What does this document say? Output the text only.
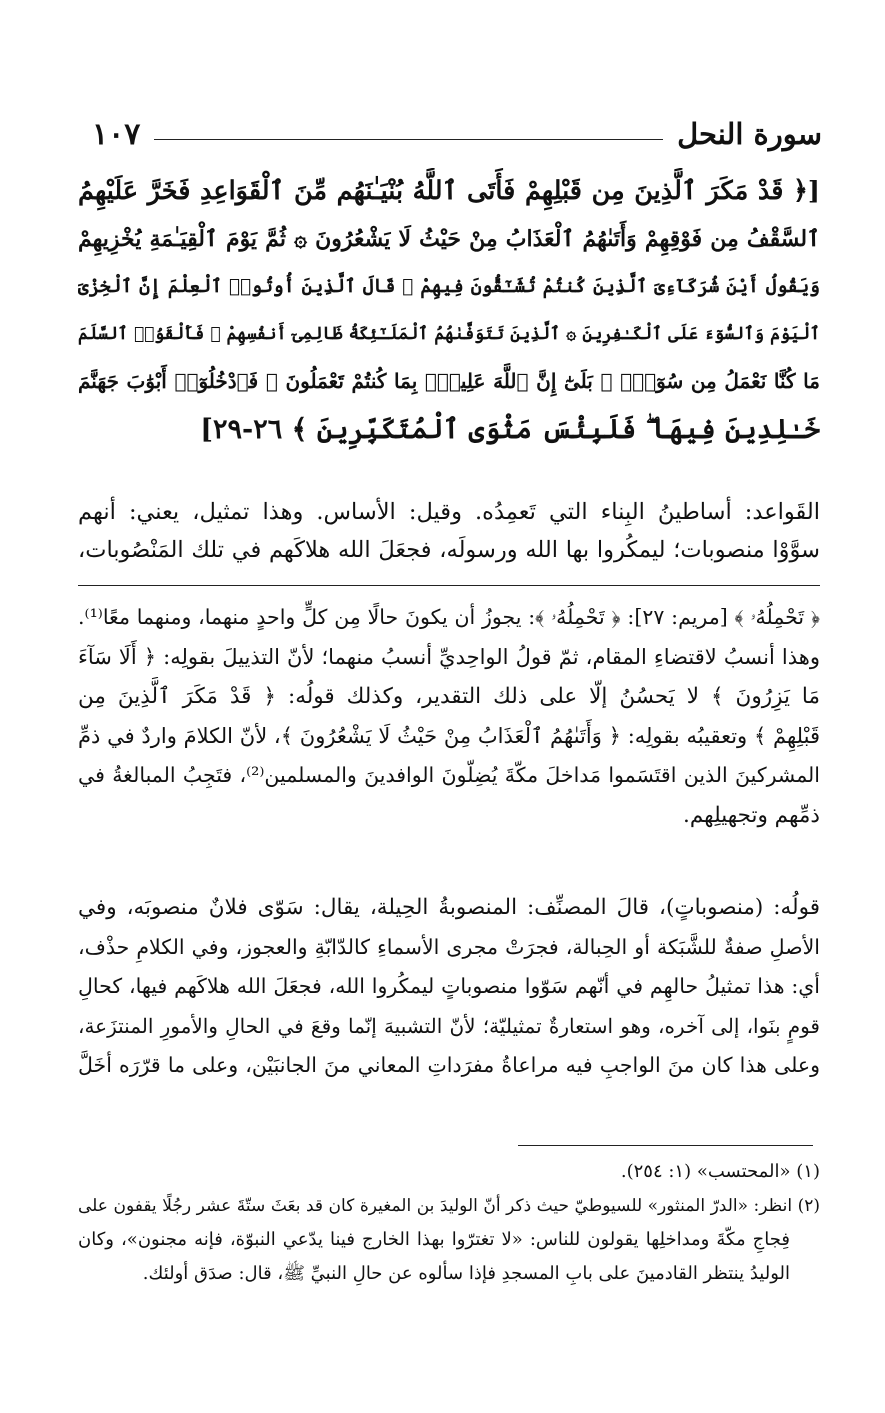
سورة النحل
١٠٧
[﴿ قَدْ مَكَرَ ٱلَّذِينَ مِن قَبْلِهِمْ فَأَتَى ٱللَّهُ بُنْيَـٰنَهُم مِّنَ ٱلْقَوَاعِدِ فَخَرَّ عَلَيْهِمُ
ٱلسَّقْفُ مِن فَوْقِهِمْ وَأَتَىٰهُمُ ٱلْعَذَابُ مِنْ حَيْثُ لَا يَشْعُرُونَ ۞ ثُمَّ يَوْمَ ٱلْقِيَـٰمَةِ يُخْزِيهِمْ
وَيَقُولُ أَيْنَ شُرَكَآءِىَ ٱلَّذِينَ كُنتُمْ تُشَـٰٓقُّونَ فِيهِمْ ۚ قَالَ ٱلَّذِينَ أُوتُوا۟ ٱلْعِلْمَ إِنَّ ٱلْخِزْىَ
ٱلْيَوْمَ وَٱلسُّوٓءَ عَلَى ٱلْكَـٰفِرِينَ ۞ ٱلَّذِينَ تَتَوَفَّىٰهُمُ ٱلْمَلَـٰٓئِكَةُ ظَالِمِىٓ أَنفُسِهِمْ ۖ فَأَلْقَوُا۟ ٱلسَّلَمَ
مَا كُنَّا نَعْمَلُ مِن سُوٓءٍۭ ۚ بَلَىٰٓ إِنَّ ٱللَّهَ عَلِيمٌۢ بِمَا كُنتُمْ تَعْمَلُونَ ۞ فَٱدْخُلُوٓا۟ أَبْوَٰبَ جَهَنَّمَ
خَـٰلِدِينَ فِيهَا ۖ فَلَبِئْسَ مَثْوَى ٱلْمُتَكَبِّرِينَ ﴾ ٢٦-٢٩]
القَواعد: أساطينُ البِناء التي تَعمِدُه. وقيل: الأساس. وهذا تمثيل، يعني: أنهم
سوَّوْا منصوبات؛ ليمكُروا بها الله ورسولَه، فجعَلَ الله هلاكَهم في تلك المَنْصُوبات،
﴿ تَحْمِلُهُۥ ﴾ [مريم: ٢٧]: ﴿ تَحْمِلُهُۥ ﴾: يجوزُ أن يكونَ حالًا مِن كلٍّ واحدٍ منهما، ومنهما معًا⁽¹⁾.
وهذا أنسبُ لاقتضاءِ المقام، ثمّ قولُ الواحِديِّ أنسبُ منهما؛ لأنّ التذييلَ بقولِه: ﴿ أَلَا سَآءَ
مَا يَزِرُونَ ﴾ لا يَحسُنُ إلّا على ذلك التقدير، وكذلك قولُه: ﴿ قَدْ مَكَرَ ٱلَّذِينَ مِن
قَبْلِهِمْ ﴾ وتعقيبُه بقولِه: ﴿ وَأَتَىٰهُمُ ٱلْعَذَابُ مِنْ حَيْثُ لَا يَشْعُرُونَ ﴾، لأنّ الكلامَ واردٌ في ذمِّ
المشركينَ الذين اقتَسَموا مَداخلَ مكّةَ يُضِلّونَ الوافدينَ والمسلمين⁽²⁾، فتَجِبُ المبالغةُ في
ذمِّهم وتجهيلِهم.
قولُه: (منصوباتٍ)، قالَ المصنِّف: المنصوبةُ الحِيلة، يقال: سَوّى فلانٌ منصوبَه، وفي
الأصلِ صفةٌ للشَّبَكة أو الحِبالة، فجرَتْ مجرى الأسماءِ كالدّابّةِ والعجوز، وفي الكلامِ حذْف،
أي: هذا تمثيلُ حالهِم في أنّهم سَوّوا منصوباتٍ ليمكُروا الله، فجعَلَ الله هلاكَهم فيها، كحالِ
قومٍ بنَوا، إلى آخره، وهو استعارةٌ تمثيليّة؛ لأنّ التشبيهَ إنّما وقعَ في الحالِ والأمورِ المنتزَعة،
وعلى هذا كان منَ الواجبِ فيه مراعاةُ مفرَداتِ المعاني منَ الجانبَيْن، وعلى ما قرّرَه أخَلَّ
(١) «المحتسب» (١: ٢٥٤).
(٢) انظر: «الدرّ المنثور» للسيوطيّ حيث ذكر أنّ الوليدَ بن المغيرة كان قد بعَثَ ستّةَ عشر رجُلًا يقفون على
فِجاجِ مكّةَ ومداخلِها يقولون للناس: «لا تغترّوا بهذا الخارج فينا يدّعي النبوّة، فإنه مجنون»، وكان
الوليدُ ينتظر القادمينَ على بابِ المسجدِ فإذا سألوه عن حالِ النبيِّ ﷺ، قال: صدَق أولئك.
